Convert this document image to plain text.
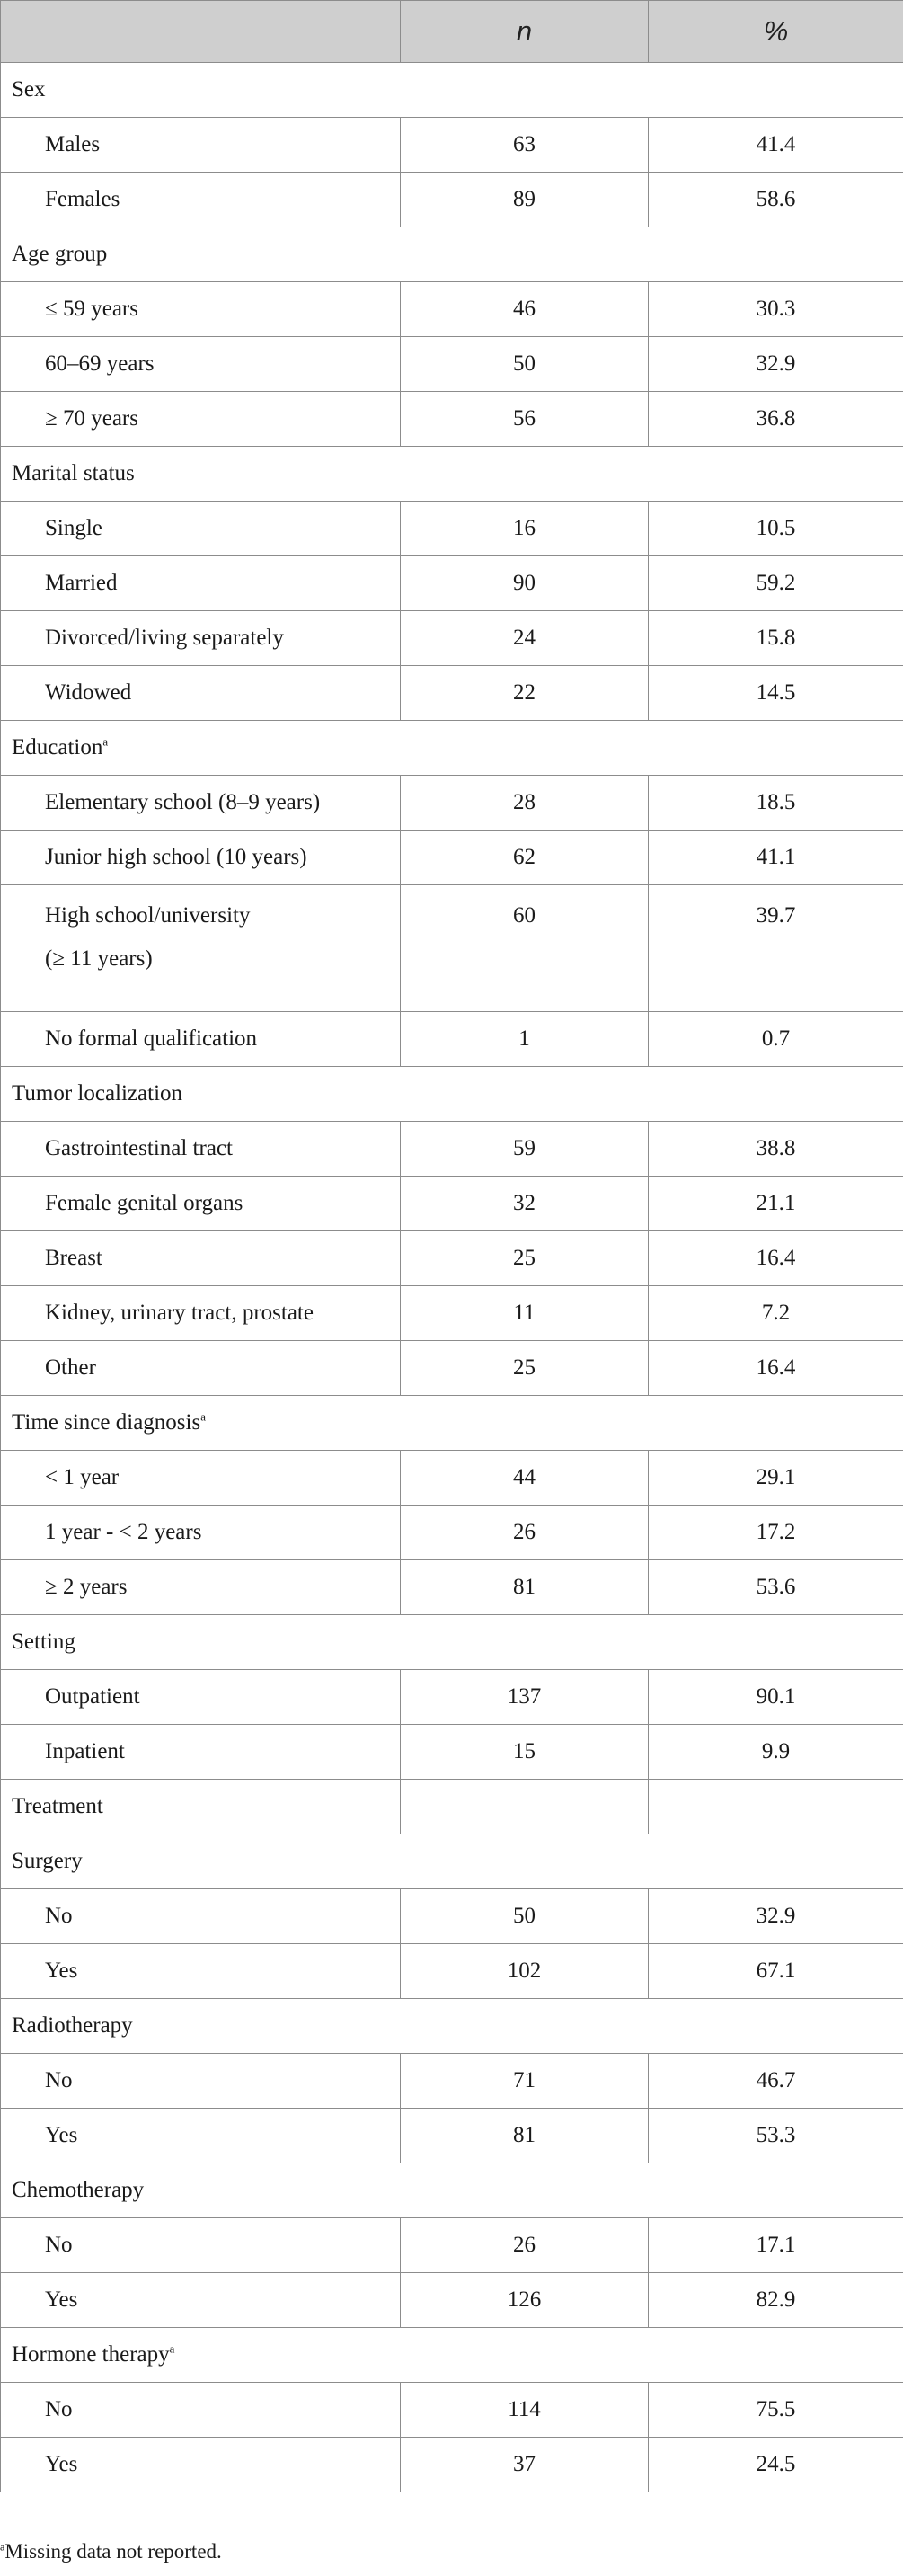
	n	%
Sex		
Males	63	41.4
Females	89	58.6
Age group		
≤ 59 years	46	30.3
60–69 years	50	32.9
≥ 70 years	56	36.8
Marital status		
Single	16	10.5
Married	90	59.2
Divorced/living separately	24	15.8
Widowed	22	14.5
Education$^a$
Elementary school (8–9 years)	28	18.5
Junior high school (10 years)	62	41.1
High school/university
(≥ 11 years)	60	39.7
No formal qualification	1	0.7
Tumor localization		
Gastrointestinal tract	59	38.8
Female genital organs	32	21.1
Breast	25	16.4
Kidney, urinary tract, prostate	11	7.2
Other	25	16.4
Time since diagnosis$^a$
< 1 year	44	29.1
1 year - < 2 years	26	17.2
≥ 2 years	81	53.6
Setting		
Outpatient	137	90.1
Inpatient	15	9.9
Treatment		
Surgery		
No	50	32.9
Yes	102	67.1
Radiotherapy		
No	71	46.7
Yes	81	53.3
Chemotherapy		
No	26	17.1
Yes	126	82.9
Hormone therapy$^a$
No	114	75.5
Yes	37	24.5
$^a$Missing data not reported.
